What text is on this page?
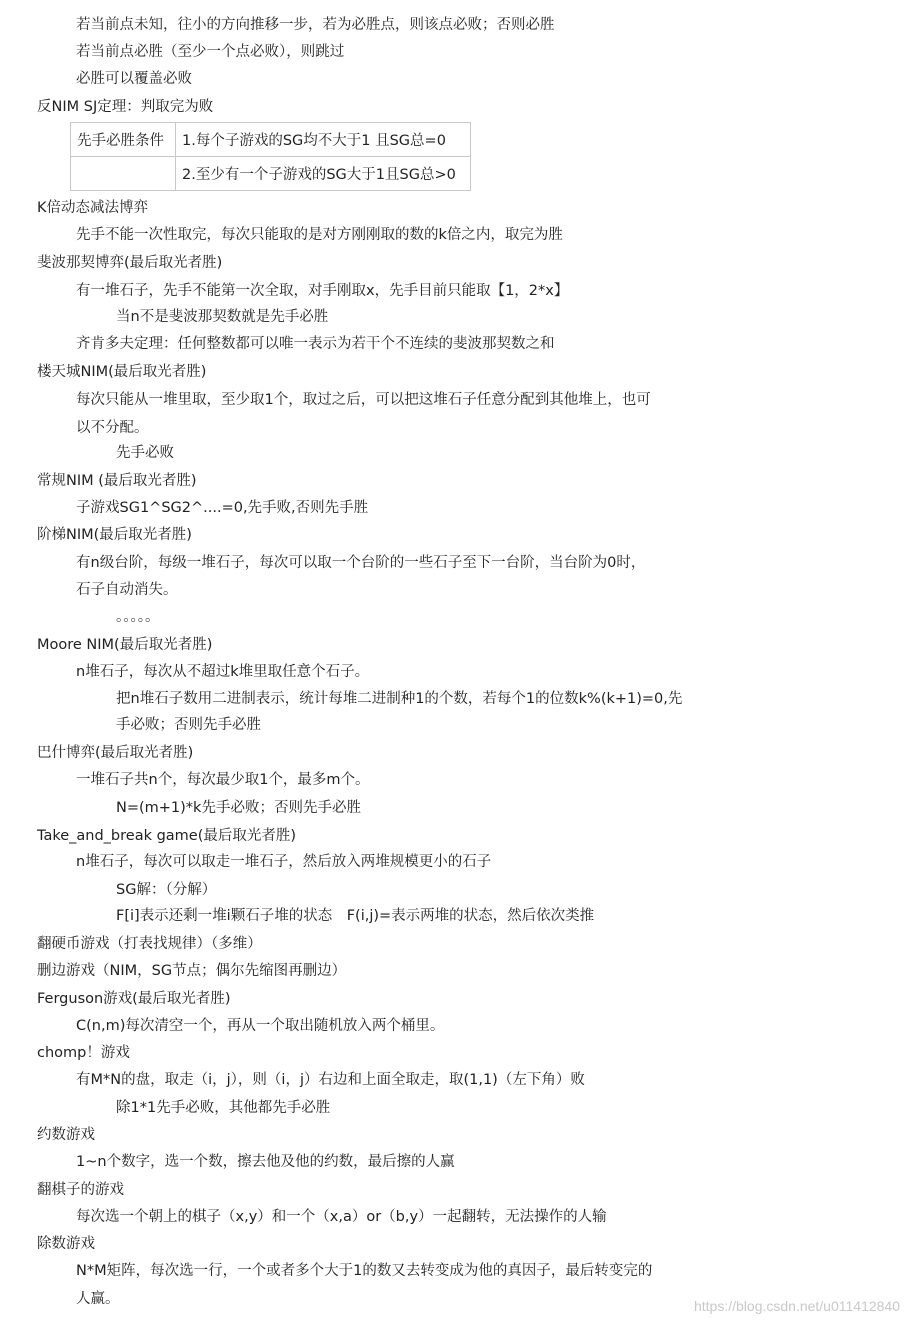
若当前点未知，往小的方向推移一步，若为必胜点，则该点必败；否则必胜
若当前点必胜（至少一个点必败），则跳过
必胜可以覆盖必败
反NIM SJ定理：判取完为败
K倍动态减法博弈
先手不能一次性取完，每次只能取的是对方刚刚取的数的k倍之内，取完为胜
斐波那契博弈(最后取光者胜)
有一堆石子，先手不能第一次全取，对手刚取x，先手目前只能取【1，2*x】
当n不是斐波那契数就是先手必胜
齐肯多夫定理：任何整数都可以唯一表示为若干个不连续的斐波那契数之和
楼天城NIM(最后取光者胜)
每次只能从一堆里取，至少取1个，取过之后，可以把这堆石子任意分配到其他堆上，也可
以不分配。
先手必败
常规NIM (最后取光者胜)
子游戏SG1^SG2^....=0,先手败,否则先手胜
阶梯NIM(最后取光者胜)
有n级台阶，每级一堆石子，每次可以取一个台阶的一些石子至下一台阶，当台阶为0时，
石子自动消失。
。。。。。
Moore NIM(最后取光者胜)
n堆石子，每次从不超过k堆里取任意个石子。
把n堆石子数用二进制表示，统计每堆二进制种1的个数，若每个1的位数k%(k+1)=0,先
手必败；否则先手必胜
巴什博弈(最后取光者胜)
一堆石子共n个，每次最少取1个，最多m个。
N=(m+1)*k先手必败；否则先手必胜
Take_and_break game(最后取光者胜)
n堆石子，每次可以取走一堆石子，然后放入两堆规模更小的石子
SG解：（分解）
F[i]表示还剩一堆i颗石子堆的状态　F(i,j)=表示两堆的状态，然后依次类推
翻硬币游戏（打表找规律）（多维）
删边游戏（NIM，SG节点；偶尔先缩图再删边）
Ferguson游戏(最后取光者胜)
C(n,m)每次清空一个，再从一个取出随机放入两个桶里。
chomp！游戏
有M*N的盘，取走（i，j），则（i，j）右边和上面全取走，取(1,1)（左下角）败
除1*1先手必败，其他都先手必胜
约数游戏
1~n个数字，选一个数，擦去他及他的约数，最后擦的人赢
翻棋子的游戏
每次选一个朝上的棋子（x,y）和一个（x,a）or（b,y）一起翻转，无法操作的人输
除数游戏
N*M矩阵，每次选一行，一个或者多个大于1的数又去转变成为他的真因子，最后转变完的
人赢。
先手必胜条件	1.每个子游戏的SG均不大于1 且SG总=0
	2.至少有一个子游戏的SG大于1且SG总>0
https://blog.csdn.net/u011412840
